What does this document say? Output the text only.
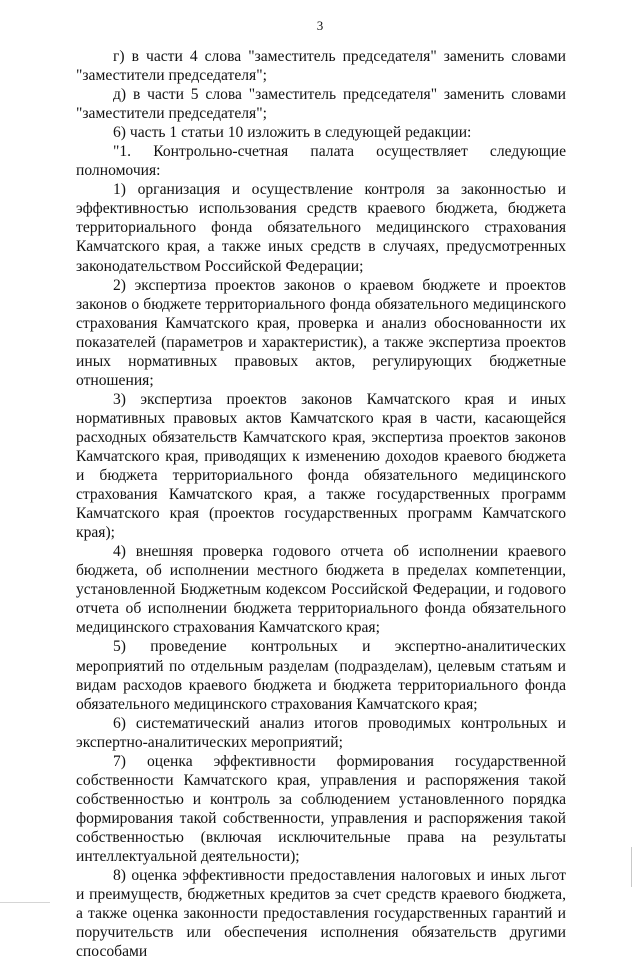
3

г) в части 4 слова "заместитель председателя" заменить словами "заместители председателя";

д) в части 5 слова "заместитель председателя" заменить словами "заместители председателя";

6) часть 1 статьи 10 изложить в следующей редакции:

"1. Контрольно-счетная палата осуществляет следующие полномочия:

1) организация и осуществление контроля за законностью и эффективностью использования средств краевого бюджета, бюджета территориального фонда обязательного медицинского страхования Камчатского края, а также иных средств в случаях, предусмотренных законодательством Российской Федерации;

2) экспертиза проектов законов о краевом бюджете и проектов законов о бюджете территориального фонда обязательного медицинского страхования Камчатского края, проверка и анализ обоснованности их показателей (параметров и характеристик), а также экспертиза проектов иных нормативных правовых актов, регулирующих бюджетные отношения;

3) экспертиза проектов законов Камчатского края и иных нормативных правовых актов Камчатского края в части, касающейся расходных обязательств Камчатского края, экспертиза проектов законов Камчатского края, приводящих к изменению доходов краевого бюджета и бюджета территориального фонда обязательного медицинского страхования Камчатского края, а также государственных программ Камчатского края (проектов государственных программ Камчатского края);

4) внешняя проверка годового отчета об исполнении краевого бюджета, об исполнении местного бюджета в пределах компетенции, установленной Бюджетным кодексом Российской Федерации, и годового отчета об исполнении бюджета территориального фонда обязательного медицинского страхования Камчатского края;

5) проведение контрольных и экспертно-аналитических мероприятий по отдельным разделам (подразделам), целевым статьям и видам расходов краевого бюджета и бюджета территориального фонда обязательного медицинского страхования Камчатского края;

6) систематический анализ итогов проводимых контрольных и экспертно-аналитических мероприятий;

7) оценка эффективности формирования государственной собственности Камчатского края, управления и распоряжения такой собственностью и контроль за соблюдением установленного порядка формирования такой собственности, управления и распоряжения такой собственностью (включая исключительные права на результаты интеллектуальной деятельности);

8) оценка эффективности предоставления налоговых и иных льгот и преимуществ, бюджетных кредитов за счет средств краевого бюджета, а также оценка законности предоставления государственных гарантий и поручительств или обеспечения исполнения обязательств другими способами
